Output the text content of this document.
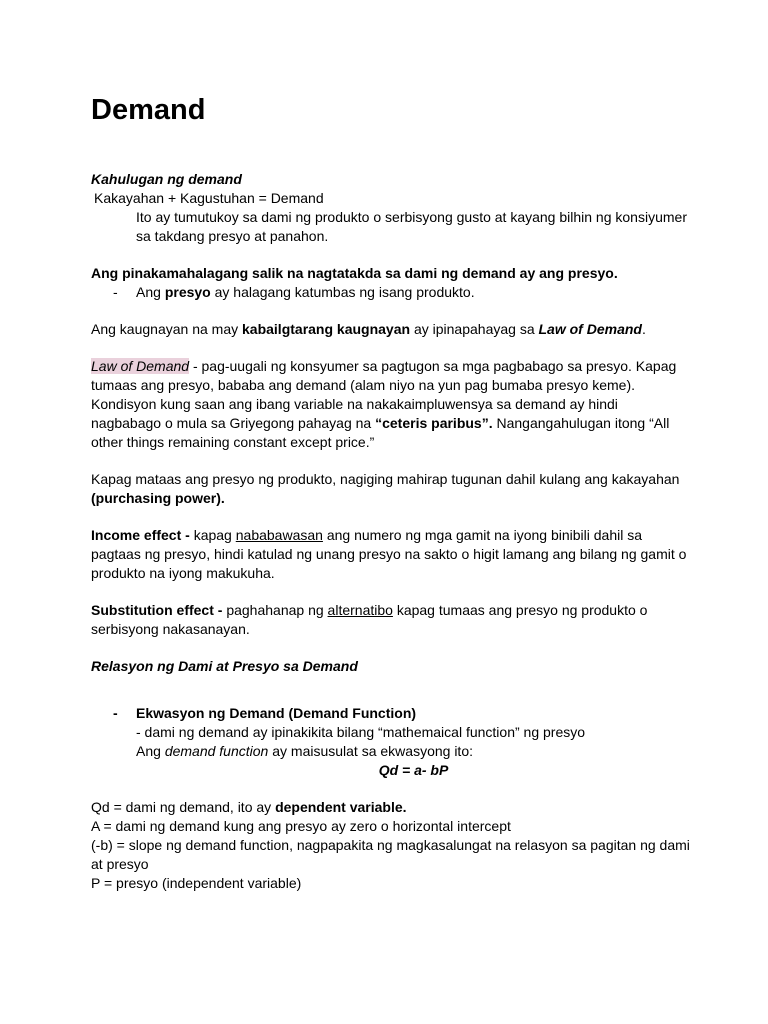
Demand

Kahulugan ng demand

Kakayahan + Kagustuhan = Demand

Ito ay tumutukoy sa dami ng produkto o serbisyong gusto at kayang bilhin ng konsiyumer sa takdang presyo at panahon.

Ang pinakamahalagang salik na nagtatakda sa dami ng demand ay ang presyo.

-	Ang presyo ay halagang katumbas ng isang produkto.

Ang kaugnayan na may kabailgtarang kaugnayan ay ipinapahayag sa Law of Demand.

Law of Demand - pag-uugali ng konsyumer sa pagtugon sa mga pagbabago sa presyo. Kapag tumaas ang presyo, bababa ang demand (alam niyo na yun pag bumaba presyo keme). Kondisyon kung saan ang ibang variable na nakakaimpluwensya sa demand ay hindi nagbabago o mula sa Griyegong pahayag na “ceteris paribus”. Nangangahulugan itong “All other things remaining constant except price.”

Kapag mataas ang presyo ng produkto, nagiging mahirap tugunan dahil kulang ang kakayahan (purchasing power).

Income effect - kapag nababawasan ang numero ng mga gamit na iyong binibili dahil sa pagtaas ng presyo, hindi katulad ng unang presyo na sakto o higit lamang ang bilang ng gamit o produkto na iyong makukuha.

Substitution effect - paghahanap ng alternatibo kapag tumaas ang presyo ng produkto o serbisyong nakasanayan.

Relasyon ng Dami at Presyo sa Demand

-	Ekwasyon ng Demand (Demand Function)

- dami ng demand ay ipinakikita bilang “mathemaical function” ng presyo

Ang demand function ay maisusulat sa ekwasyong ito:

Qd = a- bP

Qd = dami ng demand, ito ay dependent variable.

A = dami ng demand kung ang presyo ay zero o horizontal intercept

(-b) = slope ng demand function, nagpapakita ng magkasalungat na relasyon sa pagitan ng dami at presyo

P = presyo (independent variable)
